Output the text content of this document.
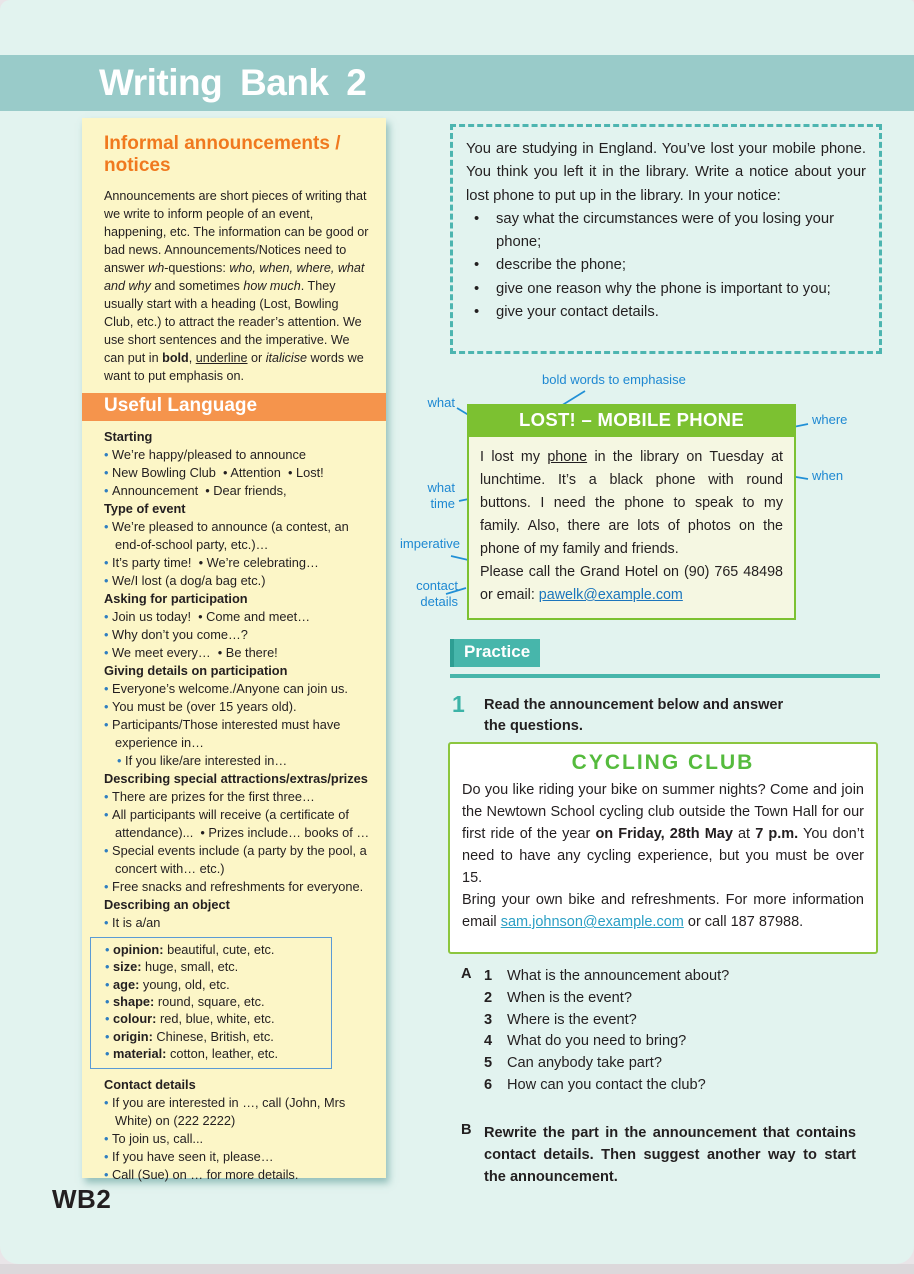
Writing Bank 2
Informal announcements / notices

Announcements are short pieces of writing that we write to inform people of an event, happening, etc. The information can be good or bad news. Announcements/Notices need to answer wh-questions: who, when, where, what and why and sometimes how much. They usually start with a heading (Lost, Bowling Club, etc.) to attract the reader’s attention. We use short sentences and the imperative. We can put in bold, underline or italicise words we want to put emphasis on.

Useful Language
Starting
• We’re happy/pleased to announce
• New Bowling Club  • Attention  • Lost!
• Announcement  • Dear friends,
Type of event
• We’re pleased to announce (a contest, an end-of-school party, etc.)…
• It’s party time!  • We’re celebrating…
• We/I lost (a dog/a bag etc.)
Asking for participation
• Join us today!  • Come and meet…
• Why don’t you come…?
• We meet every…  • Be there!
Giving details on participation
• Everyone’s welcome./Anyone can join us.
• You must be (over 15 years old).
• Participants/Those interested must have experience in…
• If you like/are interested in…
Describing special attractions/extras/prizes
• There are prizes for the first three…
• All participants will receive (a certificate of attendance)...  • Prizes include… books of …
• Special events include (a party by the pool, a concert with… etc.)
• Free snacks and refreshments for everyone.
Describing an object
• It is a/an
• opinion: beautiful, cute, etc.
• size: huge, small, etc.
• age: young, old, etc.
• shape: round, square, etc.
• colour: red, blue, white, etc.
• origin: Chinese, British, etc.
• material: cotton, leather, etc.
Contact details
• If you are interested in …, call (John, Mrs White) on (222 2222)
• To join us, call...
• If you have seen it, please…
• Call (Sue) on … for more details.
WB2

You are studying in England. You’ve lost your mobile phone. You think you left it in the library. Write a notice about your lost phone to put up in the library. In your notice:

• say what the circumstances were of you losing your phone;
• describe the phone;
• give one reason why the phone is important to you;
• give your contact details.
bold words to emphasise
what
where
when
what time
imperative
contact details
LOST! – MOBILE PHONE
I lost my phone in the library on Tuesday at lunchtime. It’s a black phone with round buttons. I need the phone to speak to my family. Also, there are lots of photos on the phone of my family and friends.

Please call the Grand Hotel on (90) 765 48498 or email: pawelk@example.com

Practice
1 Read the announcement below and answer the questions.
CYCLING CLUB

Do you like riding your bike on summer nights? Come and join the Newtown School cycling club outside the Town Hall for our first ride of the year on Friday, 28th May at 7 p.m. You don’t need to have any cycling experience, but you must be over 15.

Bring your own bike and refreshments. For more information email sam.johnson@example.com or call 187 87988.

A 1 What is the announcement about?
2 When is the event?
3 Where is the event?
4 What do you need to bring?
5 Can anybody take part?
6 How can you contact the club?
B Rewrite the part in the announcement that contains contact details. Then suggest another way to start the announcement.
